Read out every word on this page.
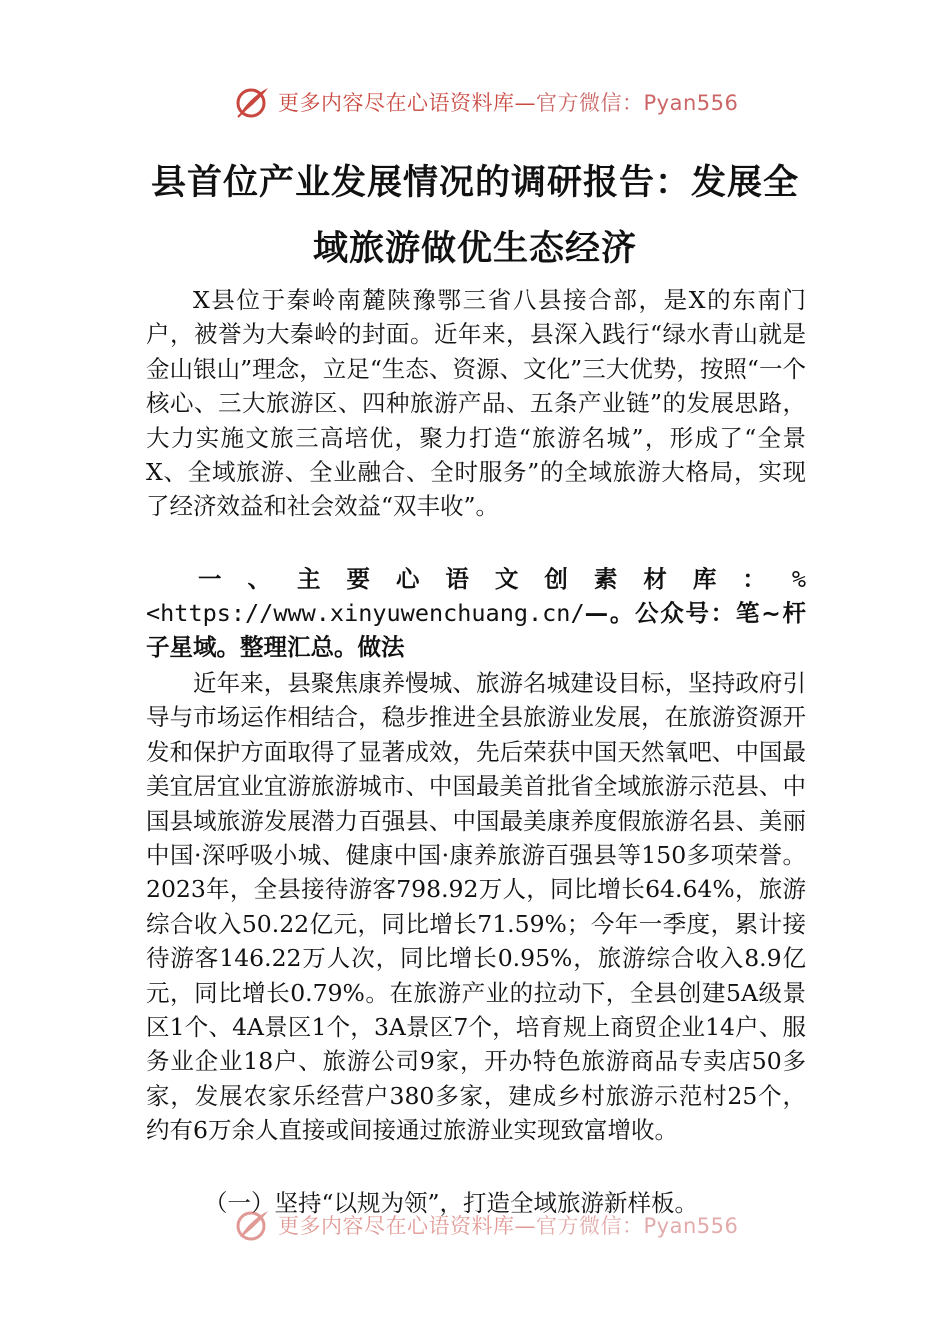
更多内容尽在心语资料库—官方微信：Pyan556
县首位产业发展情况的调研报告：发展全
域旅游做优生态经济
X县位于秦岭南麓陕豫鄂三省八县接合部，是X的东南门户，被誉为大秦岭的封面。近年来，县深入践行“绿水青山就是金山银山”理念，立足“生态、资源、文化”三大优势，按照“一个核心、三大旅游区、四种旅游产品、五条产业链”的发展思路，大力实施文旅三高培优，聚力打造“旅游名城”，形成了“全景X、全域旅游、全业融合、全时服务”的全域旅游大格局，实现了经济效益和社会效益“双丰收”。
一、主要心语文创素材库：%<https://www.xinyuwenchuang.cn/—。公众号：笔~杆子星域。整理汇总。做法
近年来，县聚焦康养慢城、旅游名城建设目标，坚持政府引导与市场运作相结合，稳步推进全县旅游业发展，在旅游资源开发和保护方面取得了显著成效，先后荣获中国天然氧吧、中国最美宜居宜业宜游旅游城市、中国最美首批省全域旅游示范县、中国县域旅游发展潜力百强县、中国最美康养度假旅游名县、美丽中国·深呼吸小城、健康中国·康养旅游百强县等150多项荣誉。2023年，全县接待游客798.92万人，同比增长64.64%，旅游综合收入50.22亿元，同比增长71.59%；今年一季度，累计接待游客146.22万人次，同比增长0.95%，旅游综合收入8.9亿元，同比增长0.79%。在旅游产业的拉动下，全县创建5A级景区1个、4A景区1个，3A景区7个，培育规上商贸企业14户、服务业企业18户、旅游公司9家，开办特色旅游商品专卖店50多家，发展农家乐经营户380多家，建成乡村旅游示范村25个，约有6万余人直接或间接通过旅游业实现致富增收。
（一）坚持“以规为领”，打造全域旅游新样板。
更多内容尽在心语资料库—官方微信：Pyan556
